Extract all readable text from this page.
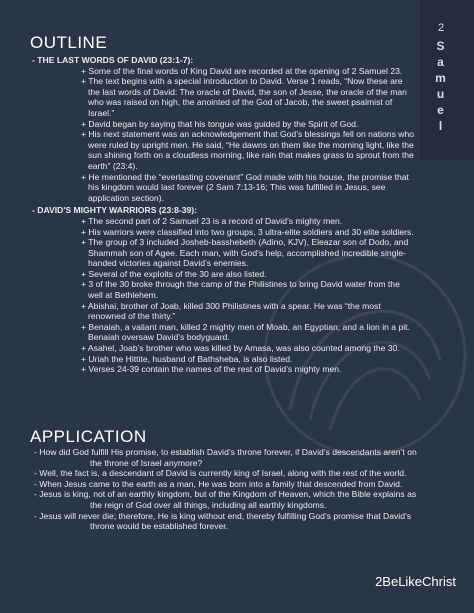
2
S
a
m
u
e
l
OUTLINE
- THE LAST WORDS OF DAVID (23:1-7):
+ Some of the final words of King David are recorded at the opening of 2 Samuel 23.
+ The text begins with a special introduction to David. Verse 1 reads, “Now these are the last words of David: The oracle of David, the son of Jesse, the oracle of the man who was raised on high, the anointed of the God of Jacob, the sweet psalmist of Israel.”
+ David began by saying that his tongue was guided by the Spirit of God.
+ His next statement was an acknowledgement that God’s blessings fell on nations who were ruled by upright men. He said, “He dawns on them like the morning light, like the sun shining forth on a cloudless morning, like rain that makes grass to sprout from the earth” (23:4).
+ He mentioned the “everlasting covenant” God made with his house, the promise that his kingdom would last forever (2 Sam 7:13-16; This was fulfilled in Jesus, see application section).
- DAVID'S MIGHTY WARRIORS (23:8-39):
+ The second part of 2 Samuel 23 is a record of David’s mighty men.
+ His warriors were classified into two groups, 3 ultra-elite soldiers and 30 elite soldiers.
+ The group of 3 included Josheb-basshebeth (Adino, KJV), Eleazar son of Dodo, and Shammah son of Agee. Each man, with God’s help, accomplished incredible single-handed victories against David’s enemies.
+ Several of the exploits of the 30 are also listed.
+ 3 of the 30 broke through the camp of the Philistines to bring David water from the well at Bethlehem.
+ Abishai, brother of Joab, killed 300 Philistines with a spear. He was “the most renowned of the thirty.”
+ Benaiah, a valiant man, killed 2 mighty men of Moab, an Egyptian, and a lion in a pit. Benaiah oversaw David’s bodyguard.
+ Asahel, Joab’s brother who was killed by Amasa, was also counted among the 30.
+ Uriah the Hittite, husband of Bathsheba, is also listed.
+ Verses 24-39 contain the names of the rest of David’s mighty men.
APPLICATION
- How did God fulfill His promise, to establish David’s throne forever, if David’s descendants aren’t on the throne of Israel anymore?
- Well, the fact is, a descendant of David is currently king of Israel, along with the rest of the world.
- When Jesus came to the earth as a man, He was born into a family that descended from David.
- Jesus is king, not of an earthly kingdom, but of the Kingdom of Heaven, which the Bible explains as the reign of God over all things, including all earthly kingdoms.
- Jesus will never die; therefore, He is king without end, thereby fulfilling God’s promise that David’s throne would be established forever.
2BeLikeChrist
